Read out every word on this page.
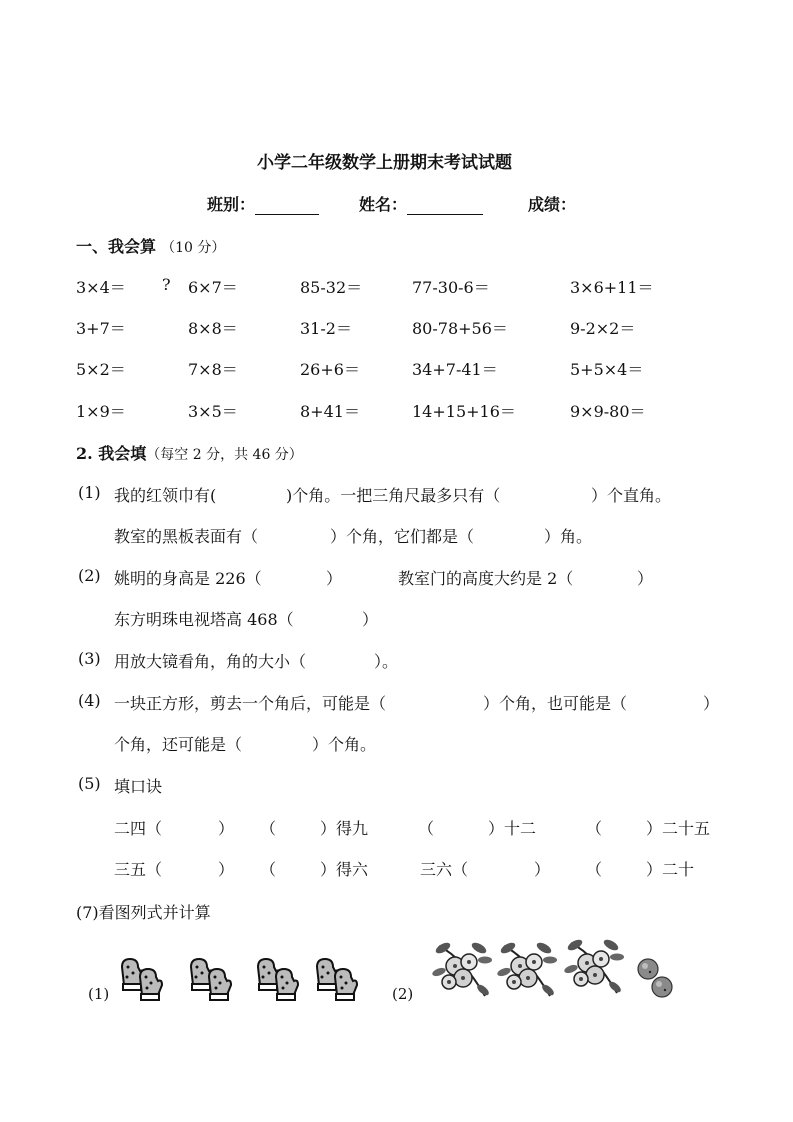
小学二年级数学上册期末考试试题
班别：	姓名：	成绩：
一、我会算 （10 分）
3×4＝ ? 6×7＝	85-32＝	77-30-6＝	3×6+11＝
3+7＝	8×8＝	31-2＝	80-78+56＝	9-2×2＝
5×2＝	7×8＝	26+6＝	34+7-41＝	5+5×4＝
1×9＝	3×5＝	8+41＝	14+15+16＝	9×9-80＝
2. 我会填（每空 2 分，共 46 分）
(1) 我的红领巾有(	)个角。一把三角尺最多只有（	）个直角。
教室的黑板表面有（	）个角，它们都是（	）角。
(2) 姚明的身高是 226（	）	教室门的高度大约是 2（	）
东方明珠电视塔高 468（	）
(3) 用放大镜看角，角的大小（	）。
(4) 一块正方形，剪去一个角后，可能是（	）个角，也可能是（	）
个角，还可能是（	）个角。
(5) 填口诀
二四（	） （	）得九	（	）十二	（	）二十五
三五（	） （	）得六	三六（	） （	）二十
(7)看图列式并计算
(1)	(2)
